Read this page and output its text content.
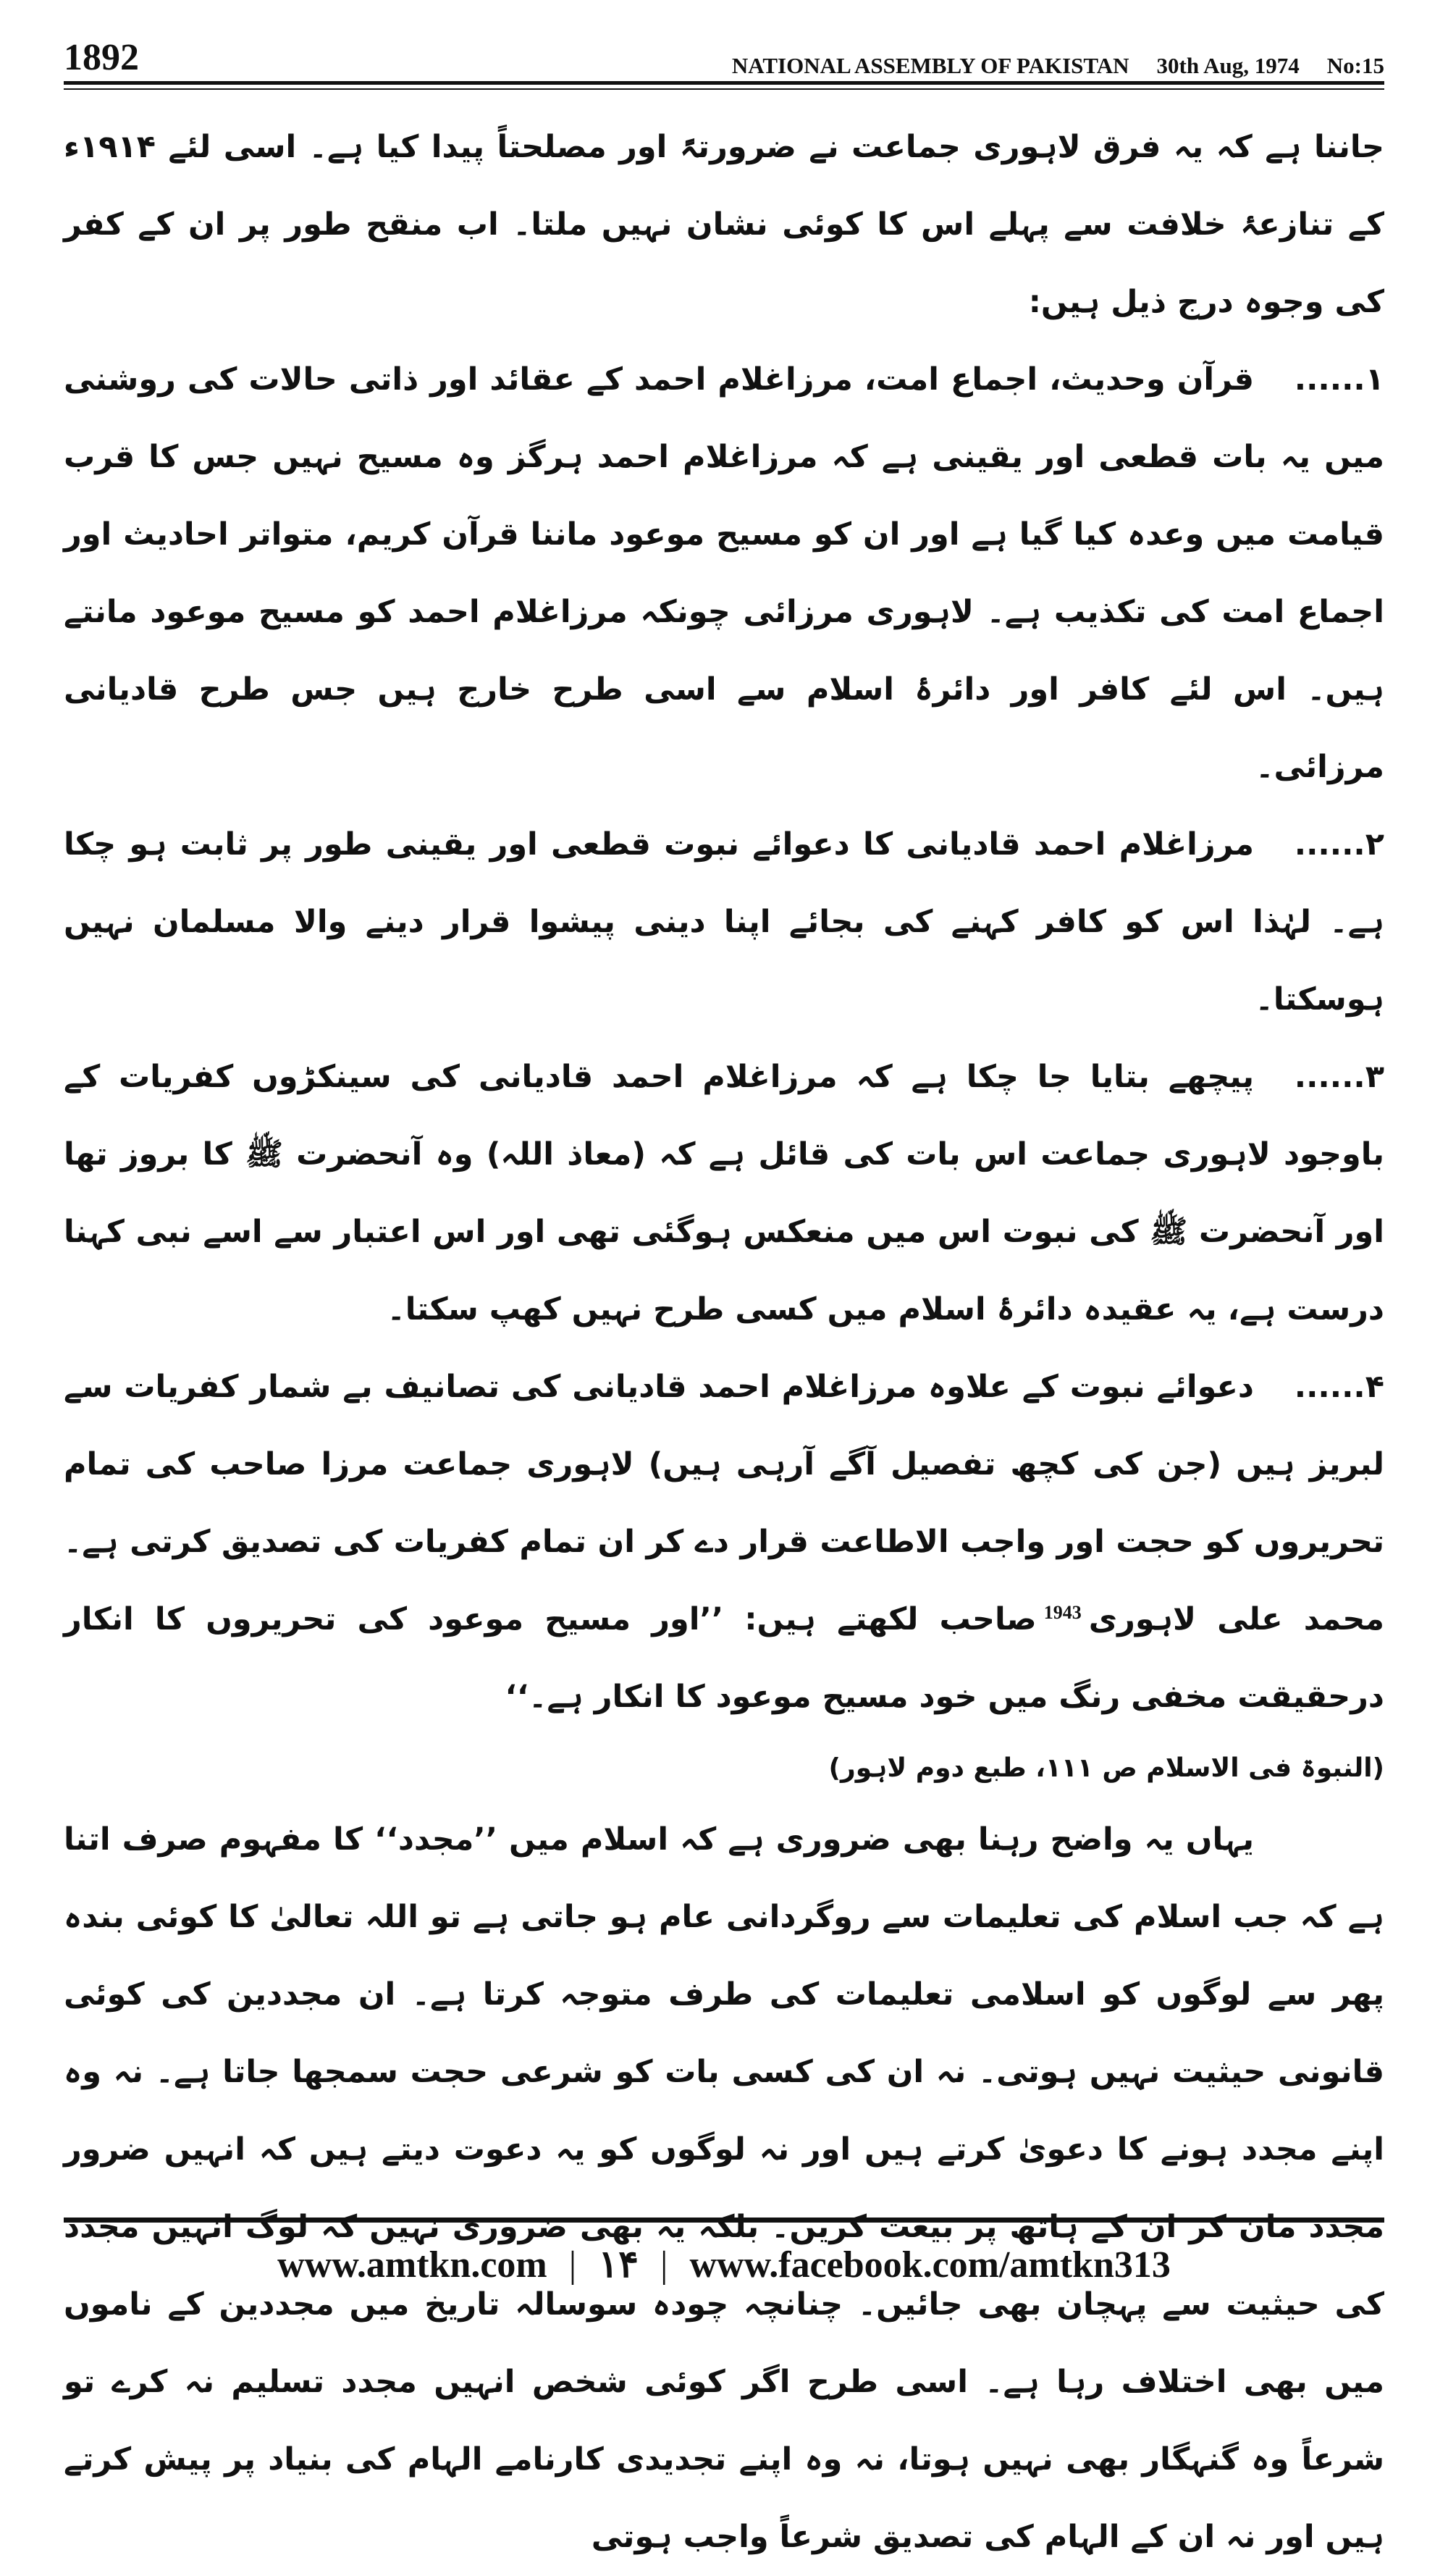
1892	NATIONAL ASSEMBLY OF PAKISTAN 30th Aug, 1974 No:15

جاننا ہے کہ یہ فرق لاہوری جماعت نے ضرورتہً اور مصلحتاً پیدا کیا ہے۔ اسی لئے ۱۹۱۴ء کے تنازعۂ خلافت سے پہلے اس کا کوئی نشان نہیں ملتا۔ اب منقح طور پر ان کے کفر کی وجوہ درج ذیل ہیں:

۱......قرآن وحدیث، اجماع امت، مرزاغلام احمد کے عقائد اور ذاتی حالات کی روشنی میں یہ بات قطعی اور یقینی ہے کہ مرزاغلام احمد ہرگز وہ مسیح نہیں جس کا قرب قیامت میں وعدہ کیا گیا ہے اور ان کو مسیح موعود ماننا قرآن کریم، متواتر احادیث اور اجماع امت کی تکذیب ہے۔ لاہوری مرزائی چونکہ مرزاغلام احمد کو مسیح موعود مانتے ہیں۔ اس لئے کافر اور دائرۂ اسلام سے اسی طرح خارج ہیں جس طرح قادیانی مرزائی۔

۲......مرزاغلام احمد قادیانی کا دعوائے نبوت قطعی اور یقینی طور پر ثابت ہو چکا ہے۔ لہٰذا اس کو کافر کہنے کی بجائے اپنا دینی پیشوا قرار دینے والا مسلمان نہیں ہوسکتا۔

۳......پیچھے بتایا جا چکا ہے کہ مرزاغلام احمد قادیانی کی سینکڑوں کفریات کے باوجود لاہوری جماعت اس بات کی قائل ہے کہ (معاذ اللہ) وہ آنحضرت ﷺ کا بروز تھا اور آنحضرت ﷺ کی نبوت اس میں منعکس ہوگئی تھی اور اس اعتبار سے اسے نبی کہنا درست ہے، یہ عقیدہ دائرۂ اسلام میں کسی طرح نہیں کھپ سکتا۔

۴......دعوائے نبوت کے علاوہ مرزاغلام احمد قادیانی کی تصانیف بے شمار کفریات سے لبریز ہیں (جن کی کچھ تفصیل آگے آرہی ہیں) لاہوری جماعت مرزا صاحب کی تمام تحریروں کو حجت اور واجب الاطاعت قرار دے کر ان تمام کفریات کی تصدیق کرتی ہے۔ محمد علی لاہوری$^{1943}$صاحب لکھتے ہیں: ’’اور مسیح موعود کی تحریروں کا انکار درحقیقت مخفی رنگ میں خود مسیح موعود کا انکار ہے۔‘‘

(النبوۃ فی الاسلام ص ۱۱۱، طبع دوم لاہور)

یہاں یہ واضح رہنا بھی ضروری ہے کہ اسلام میں ’’مجدد‘‘ کا مفہوم صرف اتنا ہے کہ جب اسلام کی تعلیمات سے روگردانی عام ہو جاتی ہے تو اللہ تعالیٰ کا کوئی بندہ پھر سے لوگوں کو اسلامی تعلیمات کی طرف متوجہ کرتا ہے۔ ان مجددین کی کوئی قانونی حیثیت نہیں ہوتی۔ نہ ان کی کسی بات کو شرعی حجت سمجھا جاتا ہے۔ نہ وہ اپنے مجدد ہونے کا دعویٰ کرتے ہیں اور نہ لوگوں کو یہ دعوت دیتے ہیں کہ انہیں ضرور مجدد مان کر ان کے ہاتھ پر بیعت کریں۔ بلکہ یہ بھی ضروری نہیں کہ لوگ انہیں مجدد کی حیثیت سے پہچان بھی جائیں۔ چنانچہ چودہ سوسالہ تاریخ میں مجددین کے ناموں میں بھی اختلاف رہا ہے۔ اسی طرح اگر کوئی شخص انہیں مجدد تسلیم نہ کرے تو شرعاً وہ گنہگار بھی نہیں ہوتا، نہ وہ اپنے تجدیدی کارنامے الہام کی بنیاد پر پیش کرتے ہیں اور نہ ان کے الہام کی تصدیق شرعاً واجب ہوتی

www.amtkn.com | ۱۴ | www.facebook.com/amtkn313
